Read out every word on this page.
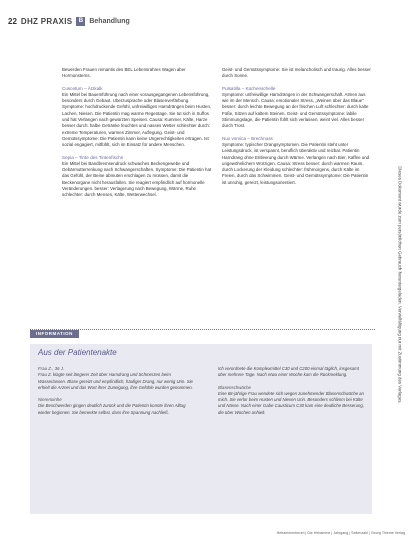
22 DHZ PRAXIS	B Behandlung

Bewerden Frauen remantis des BEL Lebensrahres Wagen aber Hormonsterns.

Cuscetum – Ätzkalk

Ein Mittel bei Bauemführung nach einer vorausgegangenen Lebensführung, besonders durch Gebaut. Uberzusprache oder Blasenverfärbung. Symptome: hochdruckende Gefühl, unfreiwilliges Harndrängen beim Husten, Lachen, Niesen. Die Patientin mag warme Regentage. Sie tut sich in Suffos und hat Verlangen nach gewürzten Speisen. Causa: Kummer, Kälte, Harze besser durch: halbe Getränke feuchtes und nasses Wetter schlechter durch: extreme Temperaturen, warmes Zimmer, Auflegung. Geist- und Gemütssymptome: Die Patientin kann keine Ungerechtigkeiten ertragen. Ist sozial engagiert, mitfühlt, sich im Einsatz für andere Menschen.

Sepia – Tinte des Tintenfischs

Ein Mittel bei Bandbremsendruck schwaches Beckengewebe und Gebärmutterrenkung nach Schwangerschaften. Symptome: Die Patientin hat das Gefühl, der Beine abmuten erschlagen zu müssen, damit die Beckenorgane nicht herausfallen. Sie reagiert empfindlich auf hormonelle Veränderungen. besser: Verlagerung nach Bewegung, Wärme, Ruhe schlechter: durch Menses, Kälte, Wetterwechsel.

Geist- und Gemütssymptome: Sie ist melancholisch und traurig. Alles besser durch Sonne.

Pulsatilla – Küchenschelle

Symptome: unfreiwillige Harndrängen in der Schwangerschaft. Atmen aus wie im der Mensch. Causa: emotionaler Stress, „Weinen über das Blaue“ besser: durch leichte Bewegung an der frischen Luft schlechter: durch kalte Füße, Sitzen auf kaltem Steinen. Geist- und Gemütssymptome: labile Stimmungslage, die Patientin fühlt sich verlassen, weint viel. Alles besser durch Trost.

Nux vomica – Brechnuss

Symptome: typischer Drangsymptomen. Die Patientin steht unter Leistungsdruck, ist verspannt, beruflich überaktiv und reizbar. Patientin Harndrang ohne Entleerung durch Wärme. Verlangen nach Bier, Kaffee und ungewöhnlichem Würzigen. Causa: Stress besser: durch warmen Raum, durch Lockerung der Kleidung schlechter: frühmorgens, durch Kälte im Freien, durch das Schwimmen. Geist- und Gemütssymptome: Die Patientin ist unruhig, gereizt, leistungsorientiert.	Dieses Dokument wurde zum persönlichen Gebrauch heruntergeladen. Vervielfältigung nur mit Zustimmung des Verlages.
INFORMATION
Aus der Patientenakte
Frau Z., 36 J.

Frau Z. klagte seit längerer Zeit über Harndrang und Schmerzen beim Wasserlassen. Blase gereizt und empfindlich, häufiger Drang, nur wenig Urin. Sie erhielt die Arznei und das Wort ihrer Zuneigung, ihre Gefühle wurden genommen.

Nierenoinhe

Die Beschwerden gingen deutlich zurück und die Patientin konnte ihren Alltag wieder beginnen. Sie bemerkte selbst, dass ihre Spannung nachließ.

Ich verordnete die Komplexmittel C30 und C200 einmal täglich, insgesamt über mehrere Tage. Nach etwa einer Woche kam die Rückmeldung.

Blasenschwäche

Eine 68-jährige Frau wendete sich wegen zunehmender Blasenschwäche an mich. Sie verlor beim Husten und Niesen Urin. Besonders schlimm bei Kälte und Nässe. Nach einer Gabe Causticum C30 kam eine deutliche Besserung, die über Wochen anhielt.

Hebammenforum | Die Hebamme | Jahrgang | Seitenzahl | Georg Thieme Verlag
